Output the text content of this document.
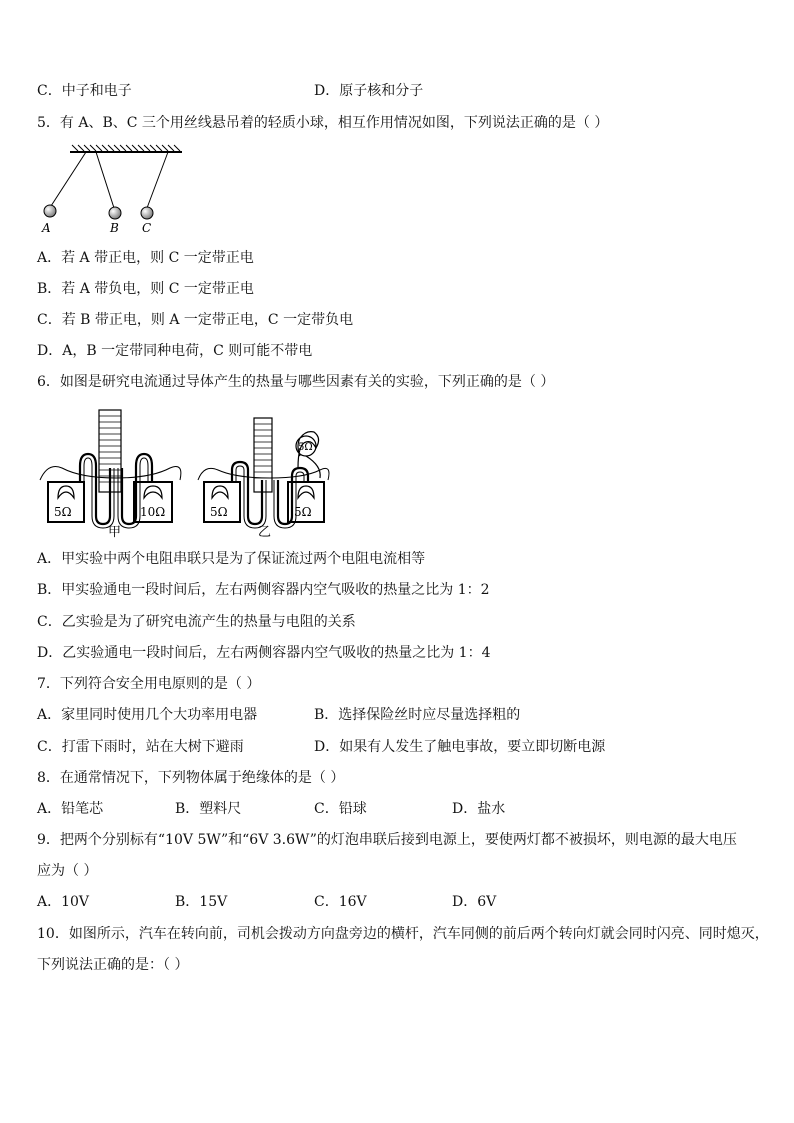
C．中子和电子	D．原子核和分子
5．有 A、B、C 三个用丝线悬吊着的轻质小球，相互作用情况如图，下列说法正确的是（ ）
A	B C
A．若 A 带正电，则 C 一定带正电
B．若 A 带负电，则 C 一定带正电
C．若 B 带正电，则 A 一定带正电，C 一定带负电
D．A，B 一定带同种电荷，C 则可能不带电
6．如图是研究电流通过导体产生的热量与哪些因素有关的实验，下列正确的是（ ）
5Ω	10Ω
甲
5Ω
5Ω	5Ω
乙
A．甲实验中两个电阻串联只是为了保证流过两个电阻电流相等
B．甲实验通电一段时间后，左右两侧容器内空气吸收的热量之比为 1：2
C．乙实验是为了研究电流产生的热量与电阻的关系
D．乙实验通电一段时间后，左右两侧容器内空气吸收的热量之比为 1：4
7．下列符合安全用电原则的是（ ）
A．家里同时使用几个大功率用电器	B．选择保险丝时应尽量选择粗的
C．打雷下雨时，站在大树下避雨	D．如果有人发生了触电事故，要立即切断电源
8．在通常情况下，下列物体属于绝缘体的是（ ）
A．铅笔芯	B．塑料尺	C．铅球	D．盐水
9．把两个分别标有“10V 5W”和“6V 3.6W”的灯泡串联后接到电源上，要使两灯都不被损坏，则电源的最大电压
应为（ ）
A．10V	B．15V	C．16V	D．6V
10．如图所示，汽车在转向前，司机会拨动方向盘旁边的横杆，汽车同侧的前后两个转向灯就会同时闪亮、同时熄灭，
下列说法正确的是：（ ）
